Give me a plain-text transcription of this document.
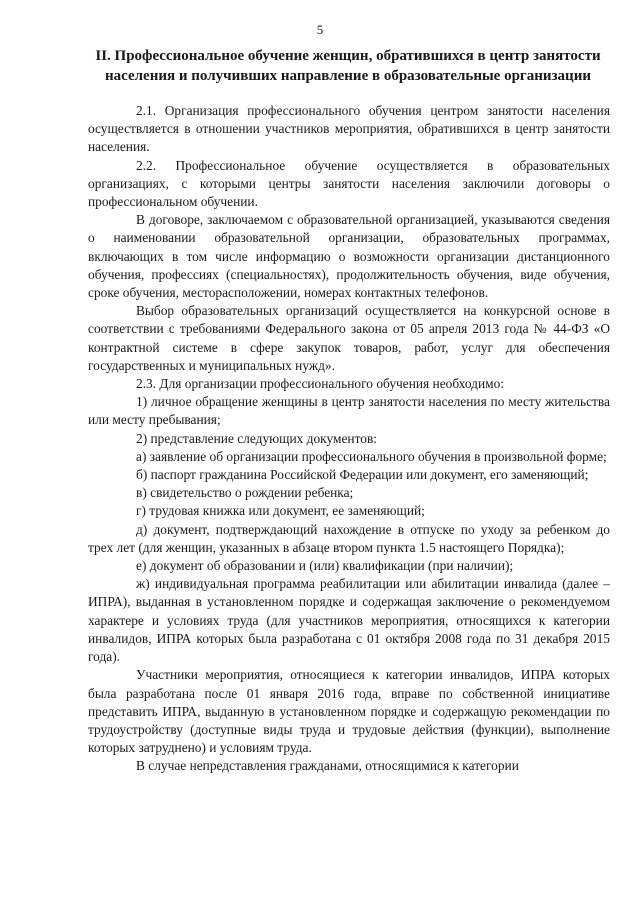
5
II. Профессиональное обучение женщин, обратившихся в центр занятости
населения и получивших направление в образовательные организации

2.1. Организация профессионального обучения центром занятости населения осуществляется в отношении участников мероприятия, обратившихся в центр занятости населения.

2.2. Профессиональное обучение осуществляется в образовательных организациях, с которыми центры занятости населения заключили договоры о профессиональном обучении.

В договоре, заключаемом с образовательной организацией, указываются сведения о наименовании образовательной организации, образовательных программах, включающих в том числе информацию о возможности организации дистанционного обучения, профессиях (специальностях), продолжительность обучения, виде обучения, сроке обучения, месторасположении, номерах контактных телефонов.

Выбор образовательных организаций осуществляется на конкурсной основе в соответствии с требованиями Федерального закона от 05 апреля 2013 года № 44-ФЗ «О контрактной системе в сфере закупок товаров, работ, услуг для обеспечения государственных и муниципальных нужд».

2.3. Для организации профессионального обучения необходимо:

1) личное обращение женщины в центр занятости населения по месту жительства или месту пребывания;

2) представление следующих документов:

а) заявление об организации профессионального обучения в произвольной форме;

б) паспорт гражданина Российской Федерации или документ, его заменяющий;

в) свидетельство о рождении ребенка;

г) трудовая книжка или документ, ее заменяющий;

д) документ, подтверждающий нахождение в отпуске по уходу за ребенком до трех лет (для женщин, указанных в абзаце втором пункта 1.5 настоящего Порядка);

е) документ об образовании и (или) квалификации (при наличии);

ж) индивидуальная программа реабилитации или абилитации инвалида (далее – ИПРА), выданная в установленном порядке и содержащая заключение о рекомендуемом характере и условиях труда (для участников мероприятия, относящихся к категории инвалидов, ИПРА которых была разработана с 01 октября 2008 года по 31 декабря 2015 года).

Участники мероприятия, относящиеся к категории инвалидов, ИПРА которых была разработана после 01 января 2016 года, вправе по собственной инициативе представить ИПРА, выданную в установленном порядке и содержащую рекомендации по трудоустройству (доступные виды труда и трудовые действия (функции), выполнение которых затруднено) и условиям труда.

В случае непредставления гражданами, относящимися к категории
